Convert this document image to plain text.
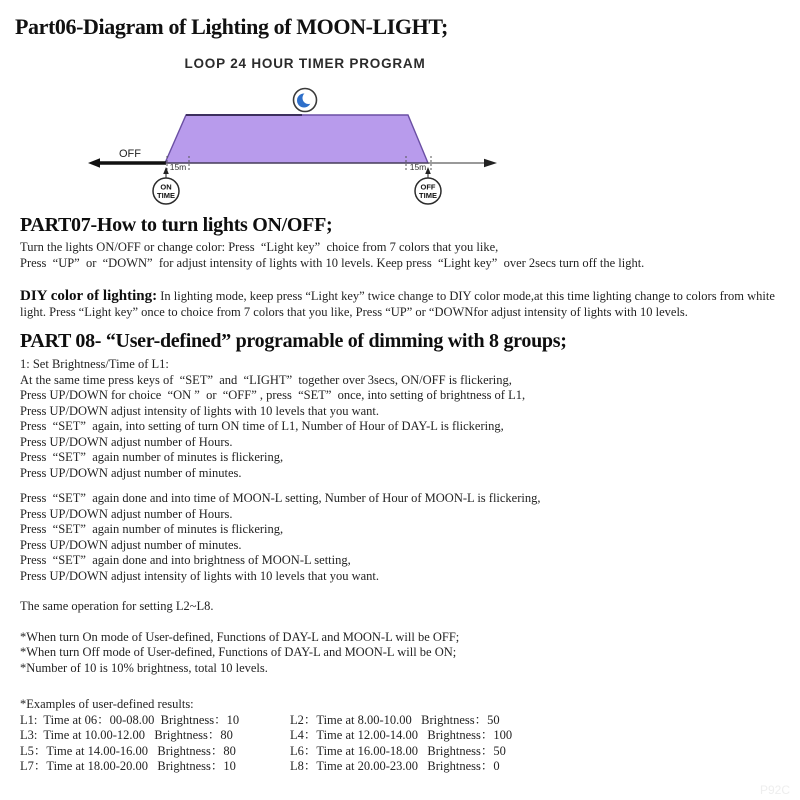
Part06-Diagram of Lighting of MOON-LIGHT;
LOOP 24 HOUR TIMER PROGRAM
OFF
15m	15m
ON
TIME
OFF
TIME
PART07-How to turn lights ON/OFF;
Turn the lights ON/OFF or change color: Press  “Light key”  choice from 7 colors that you like,
Press  “UP”  or  “DOWN”  for adjust intensity of lights with 10 levels. Keep press  “Light key”  over 2secs turn off the light.
DIY color of lighting: In lighting mode, keep press “Light key” twice change to DIY color mode,at this time lighting change to colors from white light. Press “Light key” once to choice from 7 colors that you like, Press “UP” or “DOWNfor adjust intensity of lights with 10 levels.
PART 08- “User-defined” programable of dimming with 8 groups;
1: Set Brightness/Time of L1:
At the same time press keys of  “SET”  and  “LIGHT”  together over 3secs, ON/OFF is flickering,
Press UP/DOWN for choice  “ON ”  or  “OFF” , press  “SET”  once, into setting of brightness of L1,
Press UP/DOWN adjust intensity of lights with 10 levels that you want.
Press  “SET”  again, into setting of turn ON time of L1, Number of Hour of DAY-L is flickering,
Press UP/DOWN adjust number of Hours.
Press  “SET”  again number of minutes is flickering,
Press UP/DOWN adjust number of minutes.
Press  “SET”  again done and into time of MOON-L setting, Number of Hour of MOON-L is flickering,
Press UP/DOWN adjust number of Hours.
Press  “SET”  again number of minutes is flickering,
Press UP/DOWN adjust number of minutes.
Press  “SET”  again done and into brightness of MOON-L setting,
Press UP/DOWN adjust intensity of lights with 10 levels that you want.
The same operation for setting L2~L8.
*When turn On mode of User-defined, Functions of DAY-L and MOON-L will be OFF;
*When turn Off mode of User-defined, Functions of DAY-L and MOON-L will be ON;
*Number of 10 is 10% brightness, total 10 levels.
*Examples of user-defined results:
L1:  Time at 06：00-08.00  Brightness：10	L2：Time at 8.00-10.00   Brightness：50
L3:  Time at 10.00-12.00   Brightness：80	L4：Time at 12.00-14.00   Brightness：100
L5：Time at 14.00-16.00   Brightness：80	L6：Time at 16.00-18.00   Brightness：50
L7：Time at 18.00-20.00   Brightness：10	L8：Time at 20.00-23.00   Brightness：0
P92C
